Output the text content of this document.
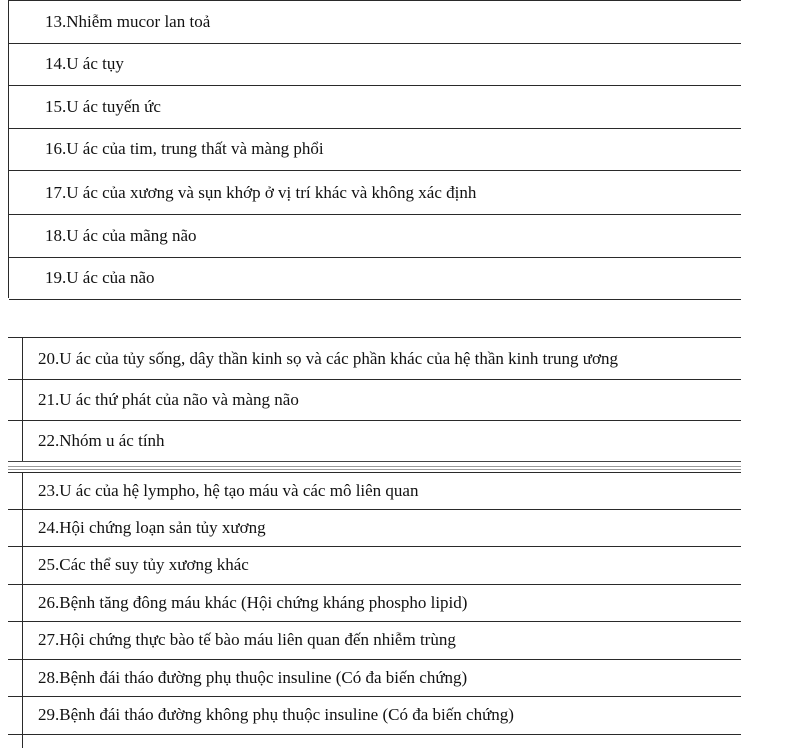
13.Nhiễm mucor lan toả
14.U ác tụy
15.U ác tuyến ức
16.U ác của tim, trung thất và màng phổi
17.U ác của xương và sụn khớp ở vị trí khác và không xác định
18.U ác của mãng não
19.U ác của não
20.U ác của tủy sống, dây thần kinh sọ và các phần khác của hệ thần kinh trung ương
21.U ác thứ phát của não và màng não
22.Nhóm u ác tính
23.U ác của hệ lympho, hệ tạo máu và các mô liên quan
24.Hội chứng loạn sản tủy xương
25.Các thể suy tủy xương khác
26.Bệnh tăng đông máu khác (Hội chứng kháng phospho lipid)
27.Hội chứng thực bào tế bào máu liên quan đến nhiễm trùng
28.Bệnh đái tháo đường phụ thuộc insuline (Có đa biến chứng)
29.Bệnh đái tháo đường không phụ thuộc insuline (Có đa biến chứng)
